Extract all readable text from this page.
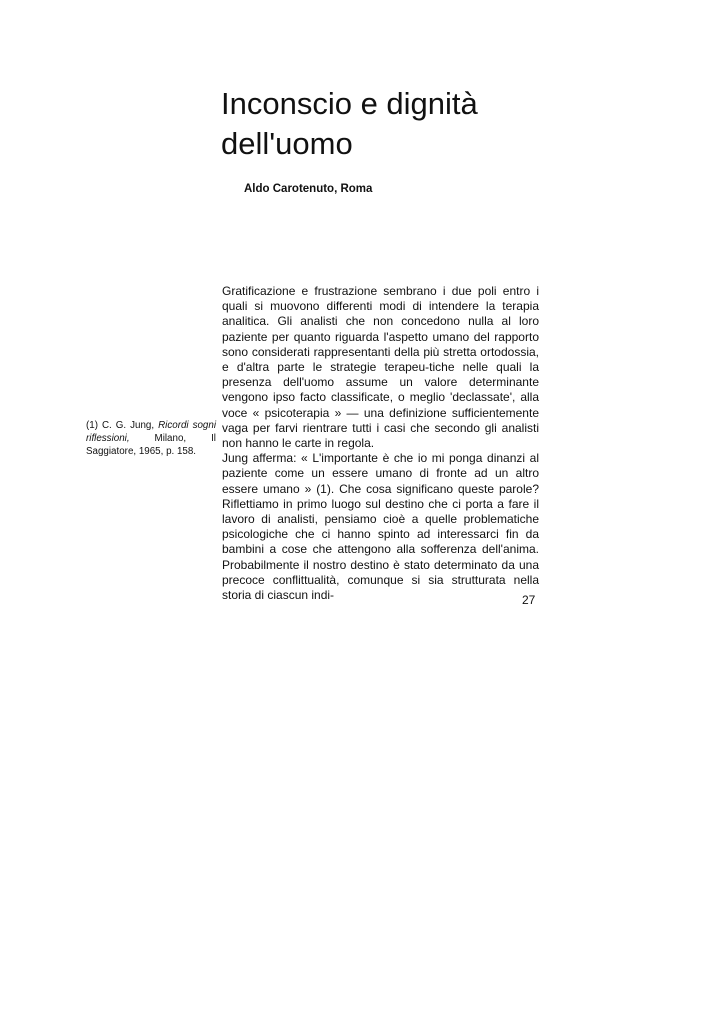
Inconscio e dignità
dell'uomo

Aldo Carotenuto, Roma

Gratificazione e frustrazione sembrano i due poli entro i quali si muovono differenti modi di intendere la terapia analitica. Gli analisti che non concedono nulla al loro paziente per quanto riguarda l'aspetto umano del rapporto sono considerati rappresentanti della più stretta ortodossia, e d'altra parte le strategie terapeu-tiche nelle quali la presenza dell'uomo assume un valore determinante vengono ipso facto classificate, o meglio 'declassate', alla voce « psicoterapia » — una definizione sufficientemente vaga per farvi rientrare tutti i casi che secondo gli analisti non hanno le carte in regola.

Jung afferma: « L'importante è che io mi ponga dinanzi al paziente come un essere umano di fronte ad un altro essere umano » (1). Che cosa significano queste parole? Riflettiamo in primo luogo sul destino che ci porta a fare il lavoro di analisti, pensiamo cioè a quelle problematiche psicologiche che ci hanno spinto ad interessarci fin da bambini a cose che attengono alla sofferenza dell'anima. Probabilmente il nostro destino è stato determinato da una precoce conflittualità, comunque si sia strutturata nella storia di ciascun indi-

(1) C. G. Jung, Ricordi sogni riflessioni, Milano, Il Saggiatore, 1965, p. 158.

27
